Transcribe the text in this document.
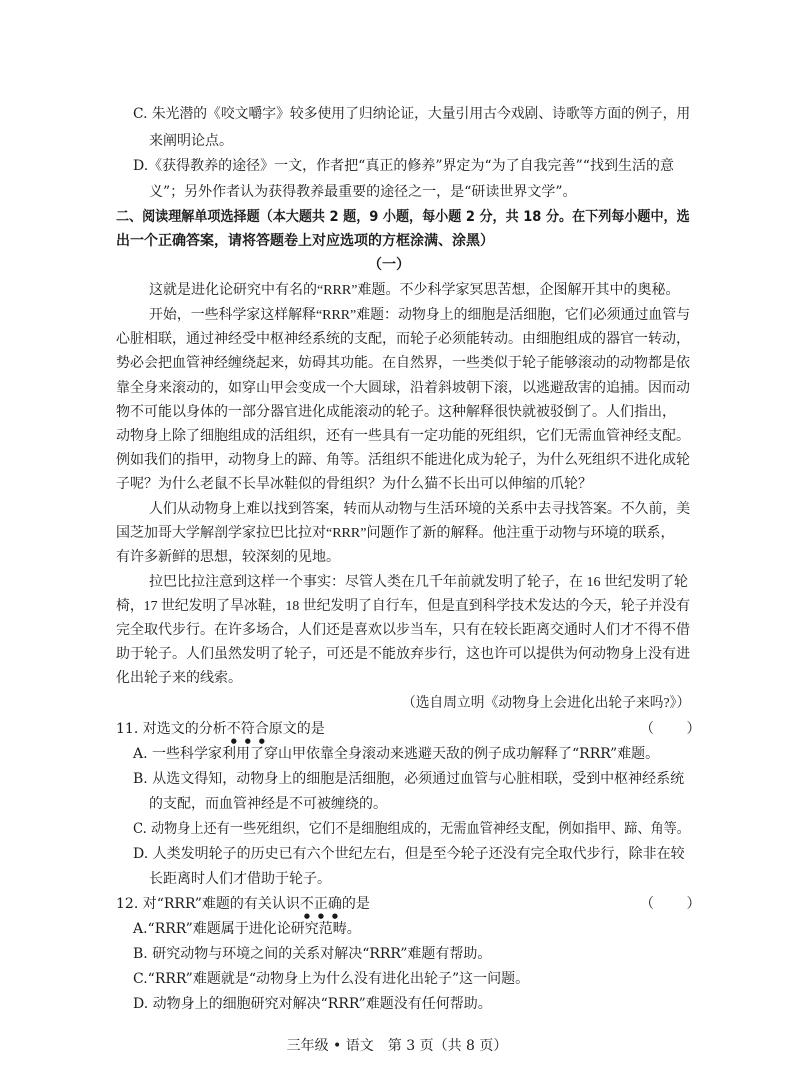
C. 朱光潜的《咬文嚼字》较多使用了归纳论证，大量引用古今戏剧、诗歌等方面的例子，用
来阐明论点。
D.《获得教养的途径》一文，作者把“真正的修养”界定为“为了自我完善”“找到生活的意
义”；另外作者认为获得教养最重要的途径之一，是“研读世界文学”。
二、阅读理解单项选择题（本大题共 2 题，9 小题，每小题 2 分，共 18 分。在下列每小题中，选
出一个正确答案，请将答题卷上对应选项的方框涂满、涂黑）
（一）
这就是进化论研究中有名的“RRR”难题。不少科学家冥思苦想，企图解开其中的奥秘。
开始，一些科学家这样解释“RRR”难题：动物身上的细胞是活细胞，它们必须通过血管与
心脏相联，通过神经受中枢神经系统的支配，而轮子必须能转动。由细胞组成的器官一转动，
势必会把血管神经缠绕起来，妨碍其功能。在自然界，一些类似于轮子能够滚动的动物都是依
靠全身来滚动的，如穿山甲会变成一个大圆球，沿着斜坡朝下滚，以逃避敌害的追捕。因而动
物不可能以身体的一部分器官进化成能滚动的轮子。这种解释很快就被驳倒了。人们指出，
动物身上除了细胞组成的活组织，还有一些具有一定功能的死组织，它们无需血管神经支配。
例如我们的指甲，动物身上的蹄、角等。活组织不能进化成为轮子，为什么死组织不进化成轮
子呢？为什么老鼠不长旱冰鞋似的骨组织？为什么猫不长出可以伸缩的爪轮？
人们从动物身上难以找到答案，转而从动物与生活环境的关系中去寻找答案。不久前，美
国芝加哥大学解剖学家拉巴比拉对“RRR”问题作了新的解释。他注重于动物与环境的联系，
有许多新鲜的思想，较深刻的见地。
拉巴比拉注意到这样一个事实：尽管人类在几千年前就发明了轮子，在 16 世纪发明了轮
椅，17 世纪发明了旱冰鞋，18 世纪发明了自行车，但是直到科学技术发达的今天，轮子并没有
完全取代步行。在许多场合，人们还是喜欢以步当车，只有在较长距离交通时人们才不得不借
助于轮子。人们虽然发明了轮子，可还是不能放弃步行，这也许可以提供为何动物身上没有进
化出轮子来的线索。
（选自周立明《动物身上会进化出轮子来吗?》）
11. 对选文的分析不符合原文的是	（ ）
A. 一些科学家利用了穿山甲依靠全身滚动来逃避天敌的例子成功解释了“RRR”难题。
B. 从选文得知，动物身上的细胞是活细胞，必须通过血管与心脏相联，受到中枢神经系统
的支配，而血管神经是不可被缠绕的。
C. 动物身上还有一些死组织，它们不是细胞组成的，无需血管神经支配，例如指甲、蹄、角等。
D. 人类发明轮子的历史已有六个世纪左右，但是至今轮子还没有完全取代步行，除非在较
长距离时人们才借助于轮子。
12. 对“RRR”难题的有关认识不正确的是	（ ）
A.“RRR”难题属于进化论研究范畴。
B. 研究动物与环境之间的关系对解决“RRR”难题有帮助。
C.“RRR”难题就是“动物身上为什么没有进化出轮子”这一问题。
D. 动物身上的细胞研究对解决“RRR”难题没有任何帮助。
三年级 • 语文　第 3 页（共 8 页）
